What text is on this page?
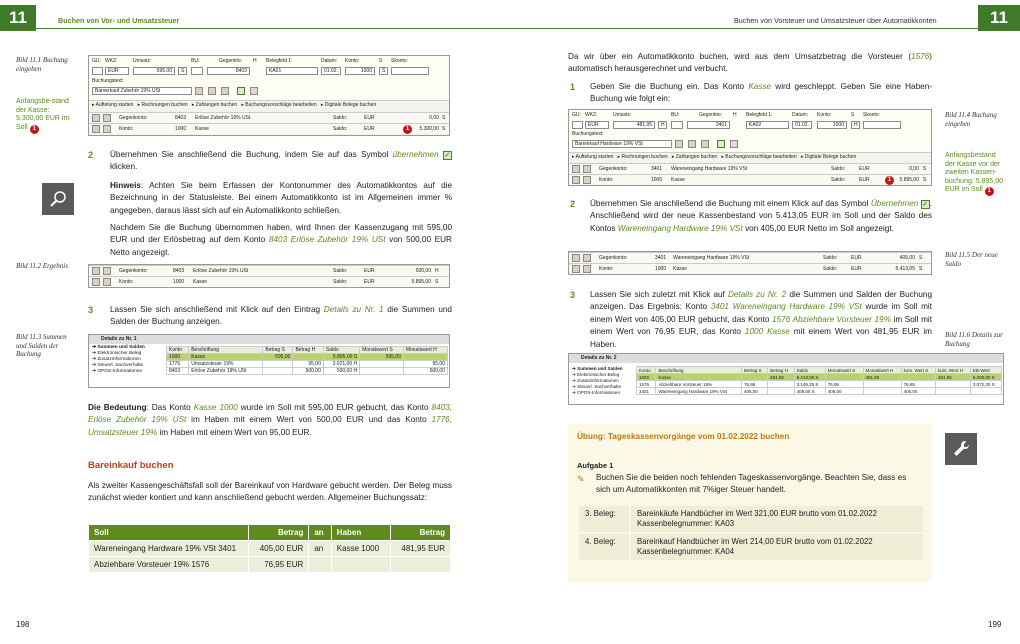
11	Buchen von Vor- und Umsatzsteuer
Bild 11.1 Buchung eingeben
Anfangsbe-stand der Kasse: 5.300,00 EUR im Soll 1
GU: WKZ:	Umsatz:	BU:	Gegenkto: H Belegfeld 1:	Datum: Konto:	S Skonto:
EUR	595,00	S	8403	KA01	01.02.	1000	S
Buchungstext:
Barverkauf Zubehör 19% USt
▸ Auftelung starten ▸ Rechnungen buchen ▸ Zahlungen buchen ▸ Buchungsvorschläge bearbeiten ▸ Digitale Belege buchen
Gegenkonto:	8403 Erlöse Zubehör 19% USt	Saldo:	EUR	0,00 S
Konto:	1000 Kasse	Saldo:	EUR	1	5.300,00 S
2 Übernehmen Sie anschließend die Buchung, indem Sie auf das Symbol übernehmen ✓ klicken.
Hinweis: Achten Sie beim Erfassen der Kontonummer des Automatikkontos auf die Bezeichnung in der Statusleiste. Bei einem Automatikkonto ist im Allgemeinen immer % angegeben, daraus lässt sich auf ein Automatikkonto schließen.
Nachdem Sie die Buchung übernommen haben, wird Ihnen der Kassenzugang mit 595,00 EUR und der Erlösbetrag auf dem Konto 8403 Erlöse Zubehör 19% USt von 500,00 EUR Netto angezeigt.
Bild 11.2 Ergebnis
Gegenkonto:	8403 Erlöse Zubehör 19% USt	Saldo:	EUR	500,00 H
Konto:	1000 Kasse	Saldo:	EUR	5.895,00 S
3 Lassen Sie sich anschließend mit Klick auf den Eintrag Details zu Nr. 1 die Summen und Salden der Buchung anzeigen.
Bild 11.3 Summen und Salden der Buchung
Details zu Nr. 1
➔ Summen und Salden
➔ Elektronischer Beleg
➔ Zusatzinformationen
➔ Steuerl. Sachverhalte
➔ OPOS-Informationen
Konto	Beschriftung	Betrag S	Betrag H	Saldo	Monatswert S	Monatswert H
1000	Kasse	595,00		5.895,00 S	595,00	
1776	Umsatzsteuer 19%		95,00	3.021,00 H		95,00
8403	Erlöse Zubehör 19% USt		500,00	500,00 H		500,00
Die Bedeutung: Das Konto Kasse 1000 wurde im Soll mit 595,00 EUR gebucht, das Konto 8403, Erlöse Zubehör 19% USt im Haben mit einem Wert von 500,00 EUR und das Konto 1776, Umsatzsteuer 19% im Haben mit einem Wert von 95,00 EUR.
Bareinkauf buchen
Als zweiter Kassengeschäftsfall soll der Bareinkauf von Hardware gebucht werden. Der Beleg muss zunächst wieder kontiert und kann anschließend gebucht werden. Allgemeiner Buchungssatz:
Soll	Betrag	an	Haben	Betrag
Wareneingang Hardware 19% VSt 3401	405,00 EUR	an	Kasse 1000	481,95 EUR
Abziehbare Vorsteuer 19% 1576	76,95 EUR			
198
11
Buchen von Vorsteuer und Umsatzsteuer über Automatikkonten
Da wir über ein Automatikkonto buchen, wird aus dem Umsatzbetrag die Vorsteuer (1576) automatisch herausgerechnet und verbucht.
1 Geben Sie die Buchung ein. Das Konto Kasse wird geschleppt. Geben Sie eine Haben-Buchung wie folgt ein:
Bild 11.4 Buchung eingeben
Anfangsbestand der Kasse vor der zweiten Kassen-buchung: 5.895,00 EUR im Soll 1
GU: WKZ:	Umsatz:	BU:	Gegenkto: H Belegfeld 1:	Datum: Konto:	S Skonto:
EUR	481,95	H	3401	KA02	01.02.	1000	H
Buchungstext:
Bareinkauf Hardware 19% VSt
▸ Auftelung starten ▸ Rechnungen buchen ▸ Zahlungen buchen ▸ Buchungsvorschläge bearbeiten ▸ Digitale Belege buchen
Gegenkonto:	3401 Wareneingang Hardware 19% VSt	Saldo:	EUR	0,00 S
Konto:	1000 Kasse	Saldo:	EUR	1	5.895,00 S
2 Übernehmen Sie anschließend die Buchung mit einem Klick auf das Symbol Übernehmen ✓ . Anschließend wird der neue Kassenbestand von 5.413,05 EUR im Soll und der Saldo des Kontos Wareneingang Hardware 19% VSt von 405,00 EUR Netto im Soll angezeigt.
Bild 11.5 Der neue Saldo
Gegenkonto:	3401 Wareneingang Hardware 19% VSt	Saldo:	EUR	405,00 S
Konto:	1000 Kasse	Saldo:	EUR	5.413,05 S
3 Lassen Sie sich zuletzt mit Klick auf Details zu Nr. 2 die Summen und Salden der Buchung anzeigen. Das Ergebnis: Konto 3401 Wareneingang Hardware 19% VSt wurde im Soll mit einem Wert von 405,00 EUR gebucht, das Konto 1576 Abziehbare Vorsteuer 19% im Soll mit einem Wert von 76,95 EUR, das Konto 1000 Kasse mit einem Wert von 481,95 EUR im Haben.
Bild 11.6 Details zur Buchung
Details zu Nr. 2
➔ Summen und Salden
➔ Elektronischer Beleg
➔ Zusatzinformationen
➔ Steuerl. Sachverhalte
➔ OPOS-Informationen
Konto	Beschriftung	Betrag S	Betrag H	Saldo	Monatswert S	Monatswert H	kum. Wert S	kum. Wert H	EB-Wert
1000	Kasse		481,95	5.413,05 S		481,95		481,95	5.300,00 S
1576	Abziehbare Vorsteuer 19%	76,95		3.149,25 S	76,95		76,95		3.072,30 S
3401	Wareneingang Hardware 19% VSt	405,00		405,00 S	405,00		405,00		
Übung: Tageskassenvorgänge vom 01.02.2022 buchen
Aufgabe 1
✎ Buchen Sie die beiden noch fehlenden Tageskassenvorgänge. Beachten Sie, dass es sich um Automatikkonten mit 7%iger Steuer handelt.
3. Beleg:	Bareinkäufe Handbücher im Wert 321,00 EUR brutto vom 01.02.2022
Kassenbelegnummer: KA03

4. Beleg:	Bareinkauf Handbücher im Wert 214,00 EUR brutto vom 01.02.2022
Kassenbelegnummer: KA04
199
